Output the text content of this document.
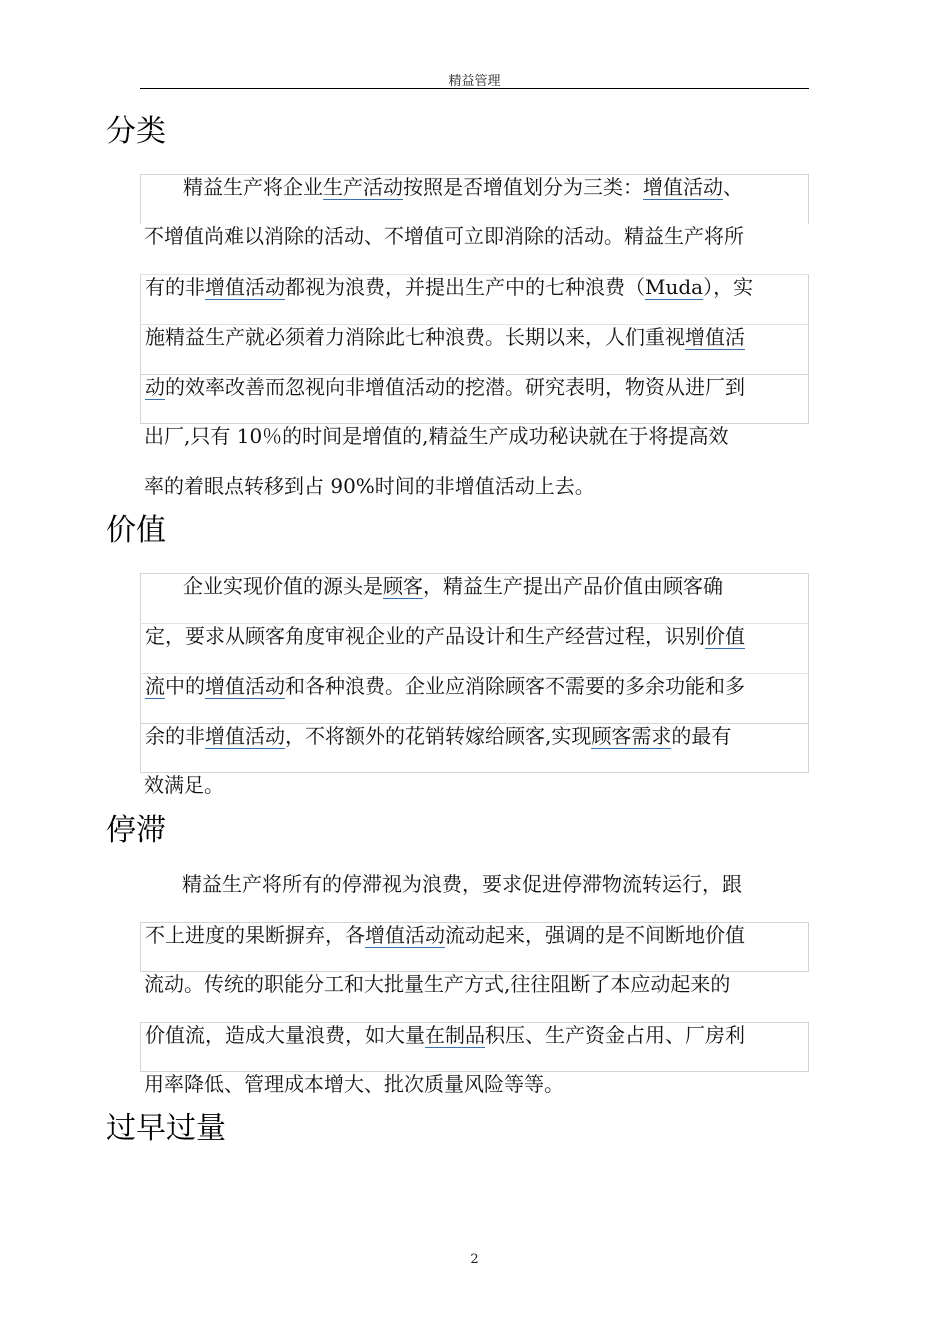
精益管理
分类
精益生产将企业生产活动按照是否增值划分为三类：增值活动、
不增值尚难以消除的活动、不增值可立即消除的活动。精益生产将所
有的非增值活动都视为浪费，并提出生产中的七种浪费（Muda），实
施精益生产就必须着力消除此七种浪费。长期以来，人们重视增值活
动的效率改善而忽视向非增值活动的挖潜。研究表明，物资从进厂到
出厂,只有 10％的时间是增值的,精益生产成功秘诀就在于将提高效
率的着眼点转移到占 90%时间的非增值活动上去。
价值
企业实现价值的源头是顾客，精益生产提出产品价值由顾客确
定，要求从顾客角度审视企业的产品设计和生产经营过程，识别价值
流中的增值活动和各种浪费。企业应消除顾客不需要的多余功能和多
余的非增值活动，不将额外的花销转嫁给顾客,实现顾客需求的最有
效满足。
停滞
精益生产将所有的停滞视为浪费，要求促进停滞物流转运行，跟
不上进度的果断摒弃，各增值活动流动起来，强调的是不间断地价值
流动。传统的职能分工和大批量生产方式,往往阻断了本应动起来的
价值流，造成大量浪费，如大量在制品积压、生产资金占用、厂房利
用率降低、管理成本增大、批次质量风险等等。
过早过量
2
